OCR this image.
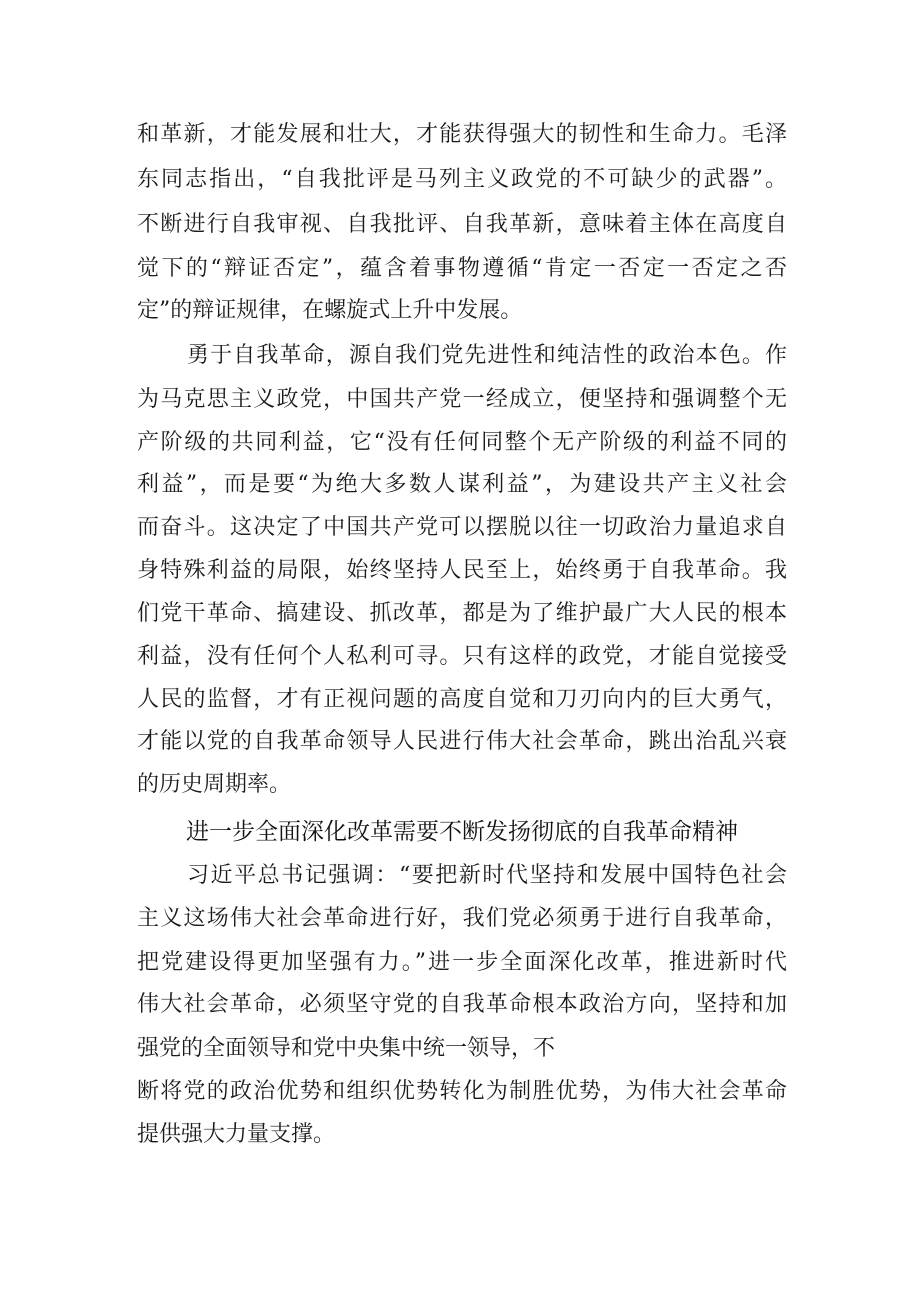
和革新，才能发展和壮大，才能获得强大的韧性和生命力。毛泽
东同志指出，“自我批评是马列主义政党的不可缺少的武器”。
不断进行自我审视、自我批评、自我革新，意味着主体在高度自
觉下的“辩证否定”，蕴含着事物遵循“肯定一否定一否定之否
定”的辩证规律，在螺旋式上升中发展。
勇于自我革命，源自我们党先进性和纯洁性的政治本色。作
为马克思主义政党，中国共产党一经成立，便坚持和强调整个无
产阶级的共同利益，它“没有任何同整个无产阶级的利益不同的
利益”，而是要“为绝大多数人谋利益”，为建设共产主义社会
而奋斗。这决定了中国共产党可以摆脱以往一切政治力量追求自
身特殊利益的局限，始终坚持人民至上，始终勇于自我革命。我
们党干革命、搞建设、抓改革，都是为了维护最广大人民的根本
利益，没有任何个人私利可寻。只有这样的政党，才能自觉接受
人民的监督，才有正视问题的高度自觉和刀刃向内的巨大勇气，
才能以党的自我革命领导人民进行伟大社会革命，跳出治乱兴衰
的历史周期率。
进一步全面深化改革需要不断发扬彻底的自我革命精神
习近平总书记强调：“要把新时代坚持和发展中国特色社会
主义这场伟大社会革命进行好，我们党必须勇于进行自我革命，
把党建设得更加坚强有力。”进一步全面深化改革，推进新时代
伟大社会革命，必须坚守党的自我革命根本政治方向，坚持和加
强党的全面领导和党中央集中统一领导，不
断将党的政治优势和组织优势转化为制胜优势，为伟大社会革命
提供强大力量支撑。
